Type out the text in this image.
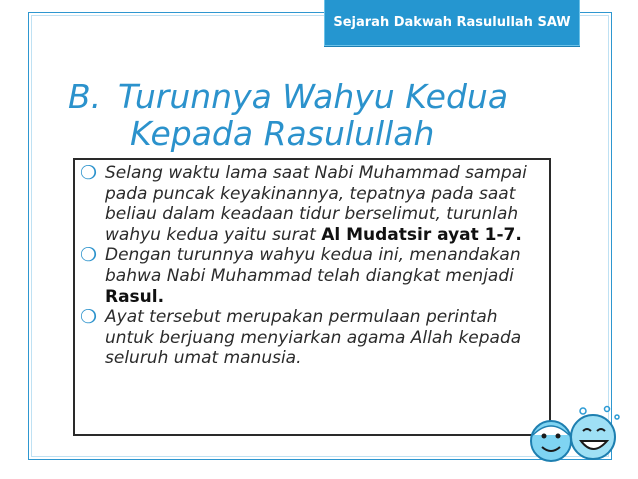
Sejarah Dakwah Rasulullah SAW
B. Turunnya Wahyu Kedua
Kepada Rasulullah
❍ Selang waktu lama saat Nabi Muhammad sampai pada puncak keyakinannya, tepatnya pada saat beliau dalam keadaan tidur berselimut, turunlah wahyu kedua yaitu surat Al Mudatsir ayat 1-7.
❍ Dengan turunnya wahyu kedua ini, menandakan bahwa Nabi Muhammad telah diangkat menjadi Rasul.
❍ Ayat tersebut merupakan permulaan perintah untuk berjuang menyiarkan agama Allah kepada seluruh umat manusia.
